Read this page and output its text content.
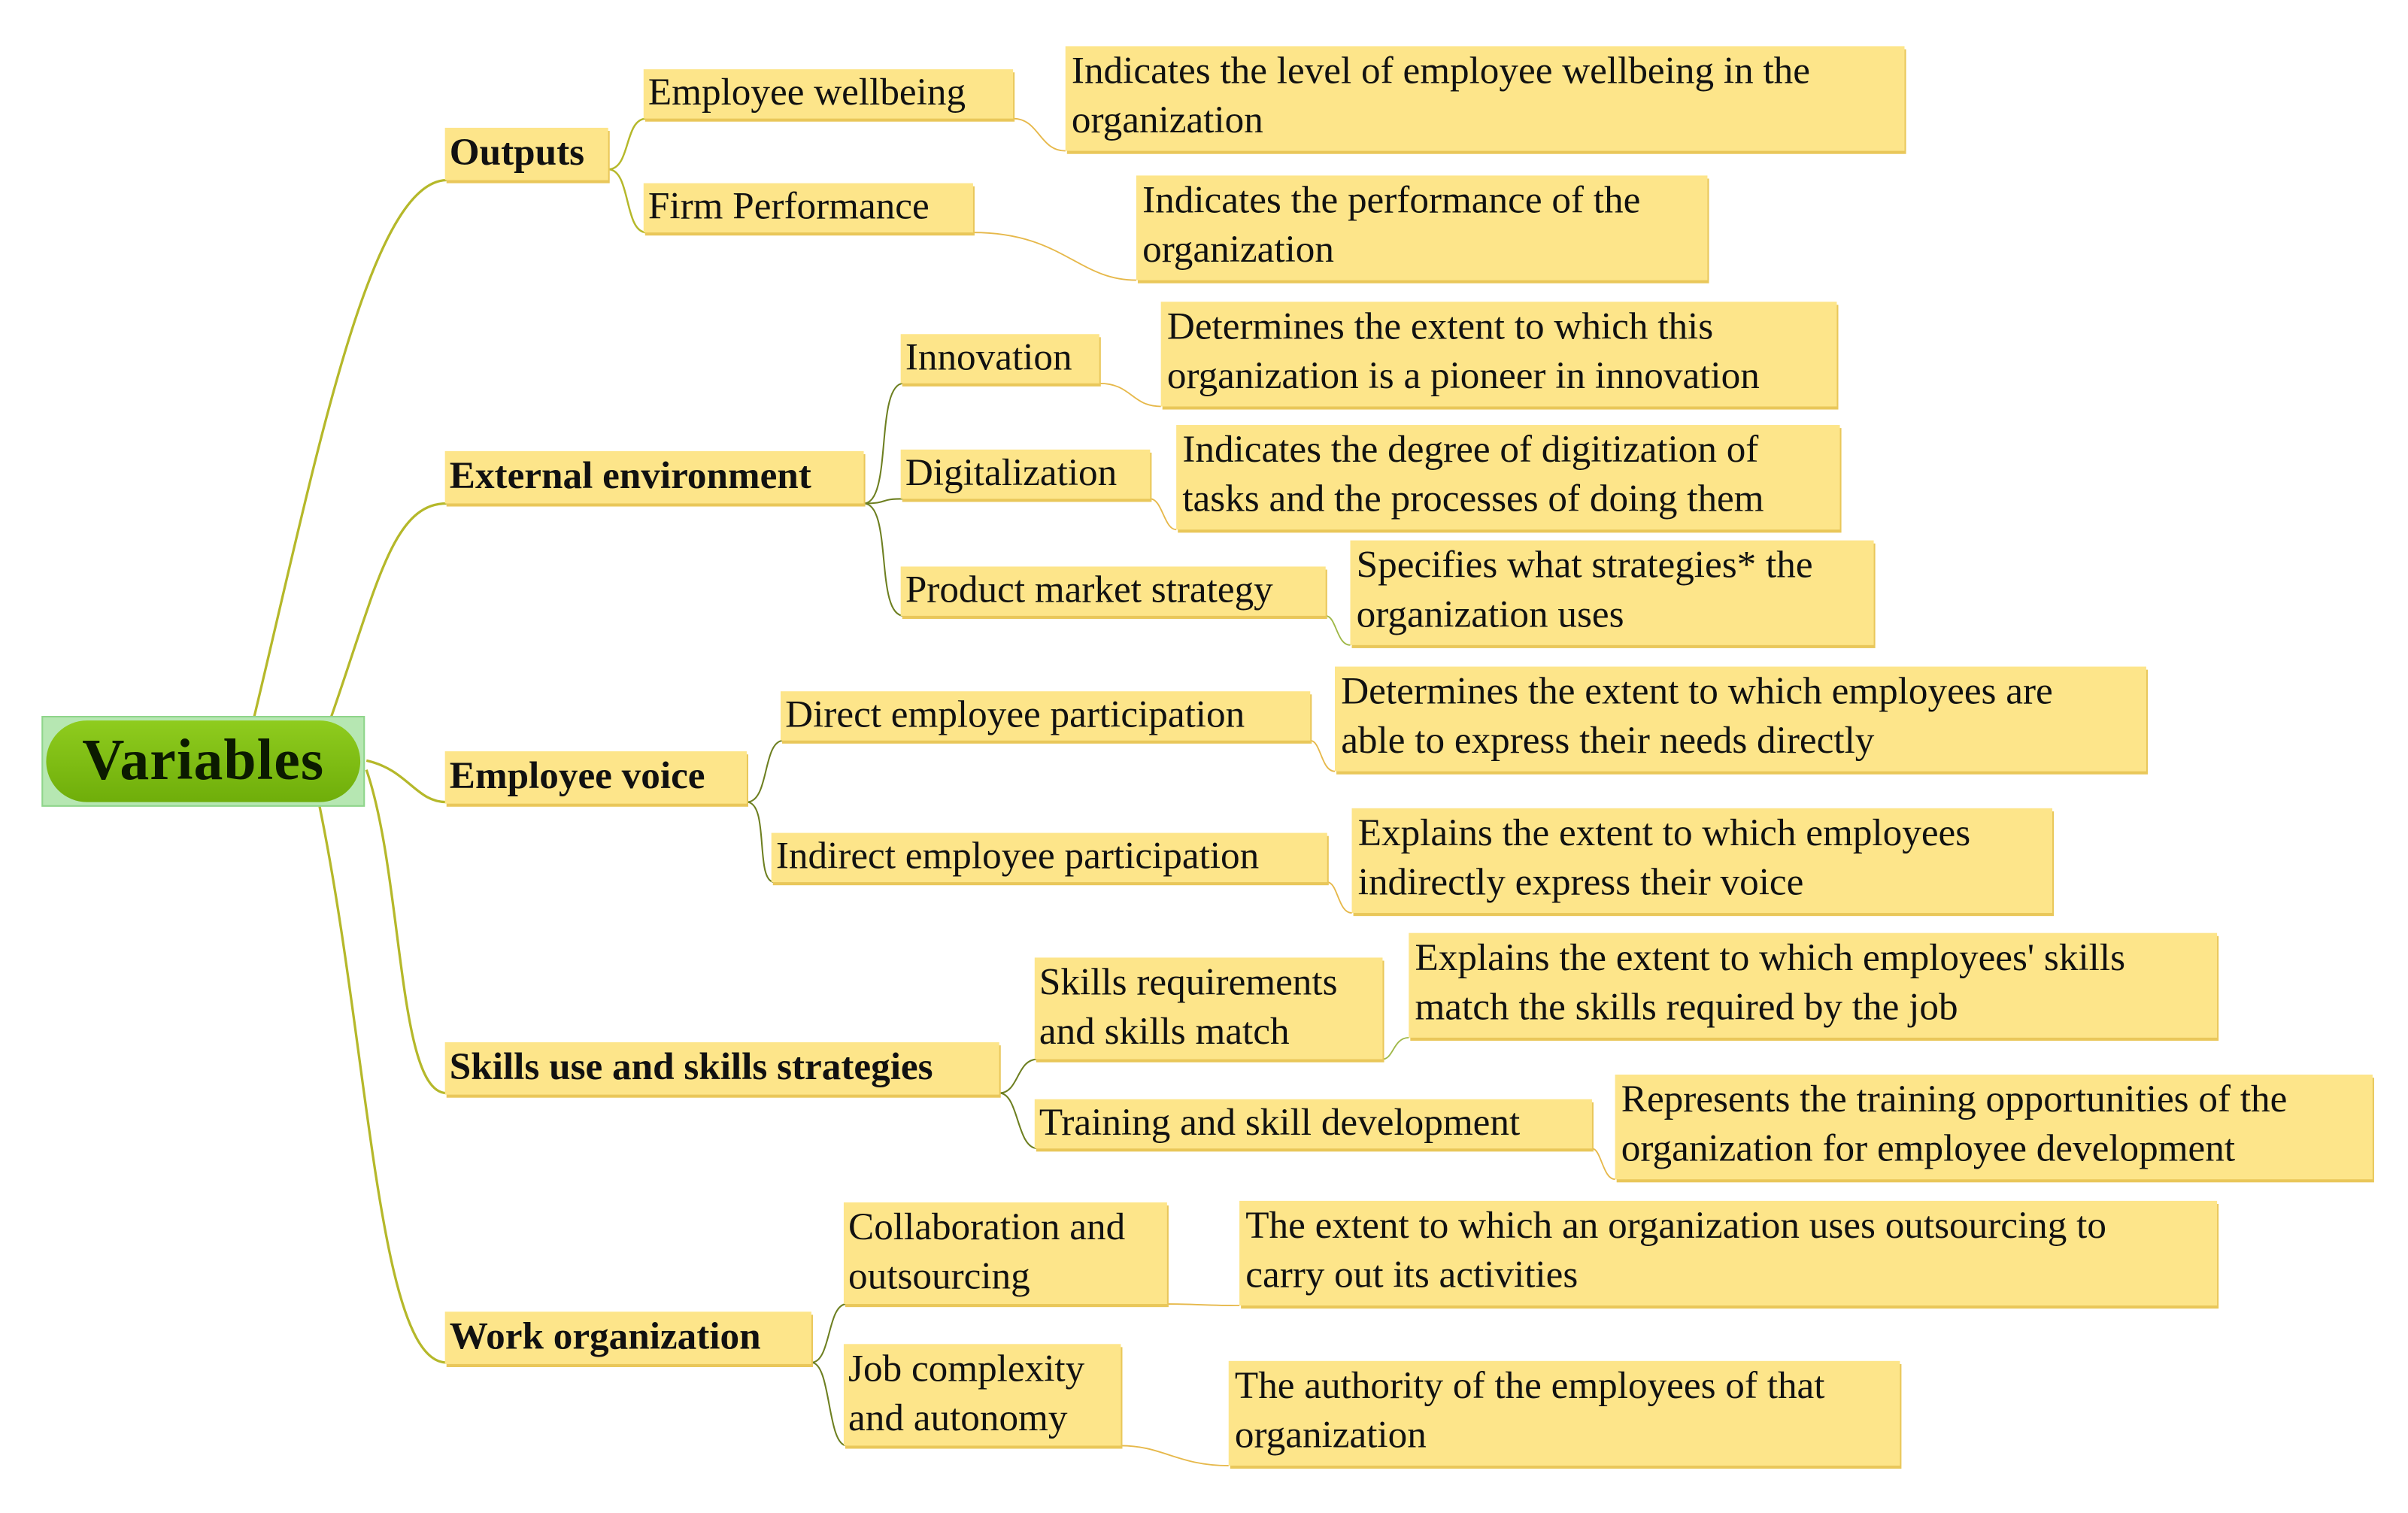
Variables
Outputs
External environment
Employee voice
Skills use and skills strategies
Work organization
Employee wellbeing
Firm Performance
Innovation
Digitalization
Product market strategy
Direct employee participation
Indirect employee participation
Skills requirements and skills match
Training and skill development
Collaboration and outsourcing
Job complexity and autonomy
Indicates the level of employee wellbeing in the
organization
Indicates the performance of the
organization
Determines the extent to which this
organization is a pioneer in innovation
Indicates the degree of digitization of
tasks and the processes of doing them
Specifies what strategies* the
organization uses
Determines the extent to which employees are
able to express their needs directly
Explains the extent to which employees
indirectly express their voice
Explains the extent to which employees' skills
match the skills required by the job
Represents the training opportunities of the
organization for employee development
The extent to which an organization uses outsourcing to
carry out its activities
The authority of the employees of that
organization
